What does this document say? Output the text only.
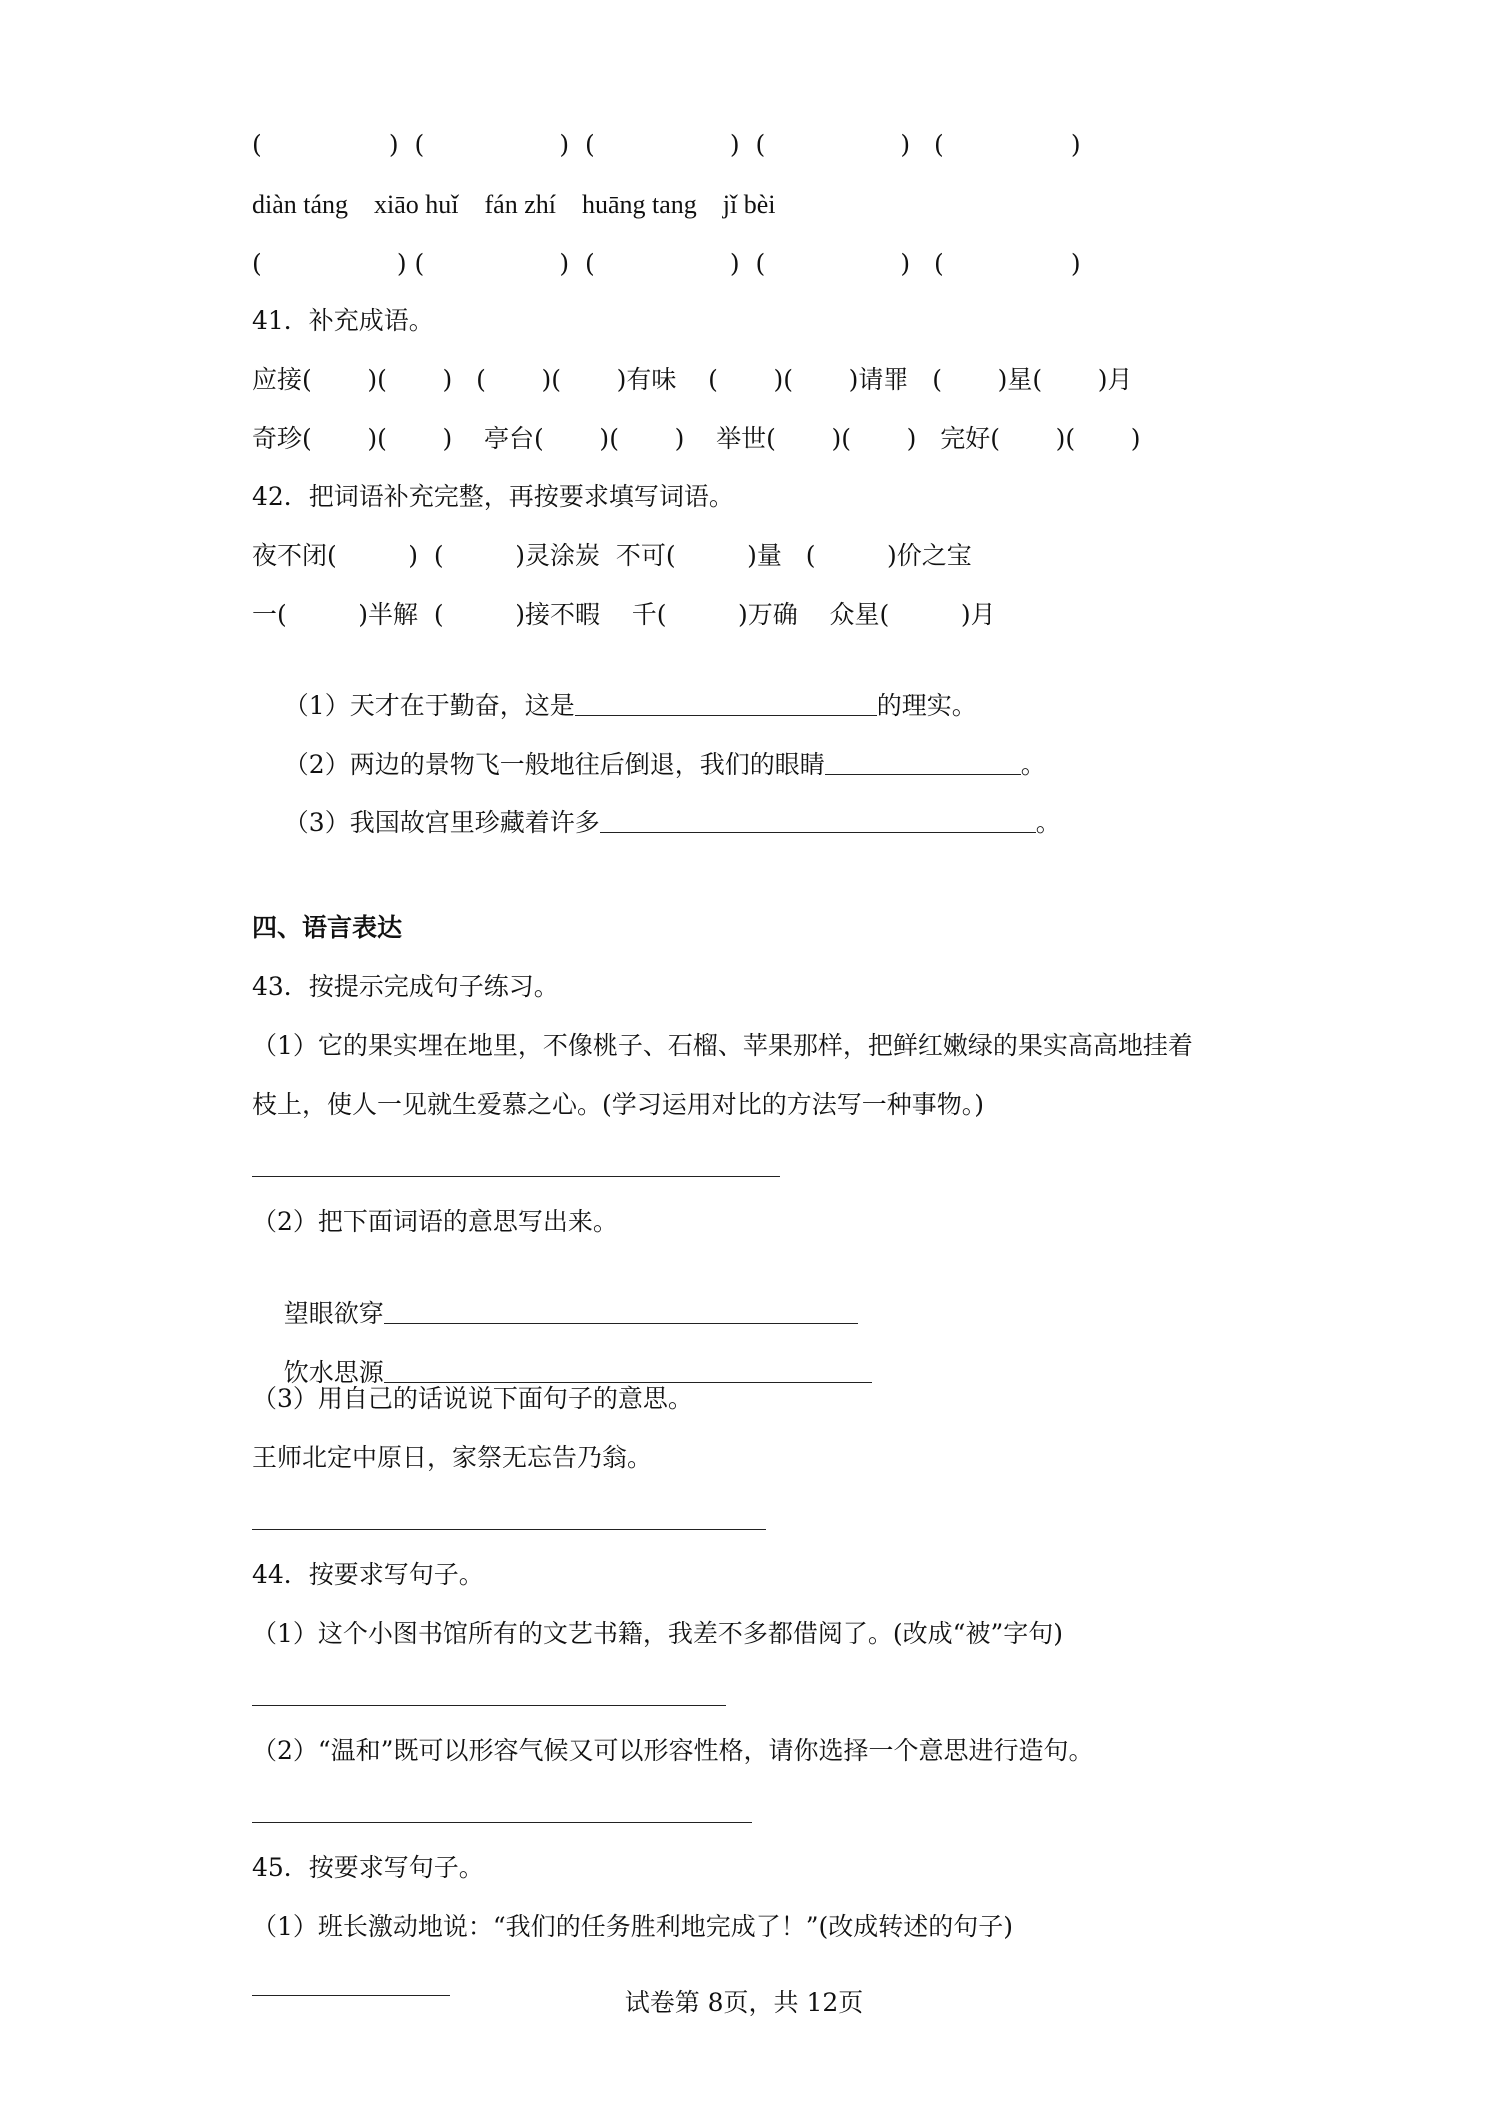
(                )  (                 )  (                 )  (                 )   (                )
diàn táng    xiāo huǐ    fán zhí    huāng tang    jǐ bèi
(                 ) (                 )  (                 )  (                 )   (                )
41．补充成语。
应接(       )(       )   (       )(       )有味    (       )(       )请罪   (       )星(       )月
奇珍(       )(       )    亭台(       )(       )    举世(       )(       )   完好(       )(       )
42．把词语补充完整，再按要求填写词语。
夜不闭(         )  (         )灵涂炭  不可(         )量   (         )价之宝
一(         )半解  (         )接不暇    千(         )万确    众星(         )月

（1）天才在于勤奋，这是	的理实。

（2）两边的景物飞一般地往后倒退，我们的眼睛	。

（3）我国故宫里珍藏着许多	。

四、语言表达
43．按提示完成句子练习。
（1）它的果实埋在地里，不像桃子、石榴、苹果那样，把鲜红嫩绿的果实高高地挂着
枝上，使人一见就生爱慕之心。(学习运用对比的方法写一种事物。)
（2）把下面词语的意思写出来。

望眼欲穿

饮水思源

（3）用自己的话说说下面句子的意思。
王师北定中原日，家祭无忘告乃翁。
44．按要求写句子。
（1）这个小图书馆所有的文艺书籍，我差不多都借阅了。(改成“被”字句)
（2）“温和”既可以形容气候又可以形容性格，请你选择一个意思进行造句。
45．按要求写句子。
（1）班长激动地说：“我们的任务胜利地完成了！”(改成转述的句子)
试卷第 8页，共 12页
